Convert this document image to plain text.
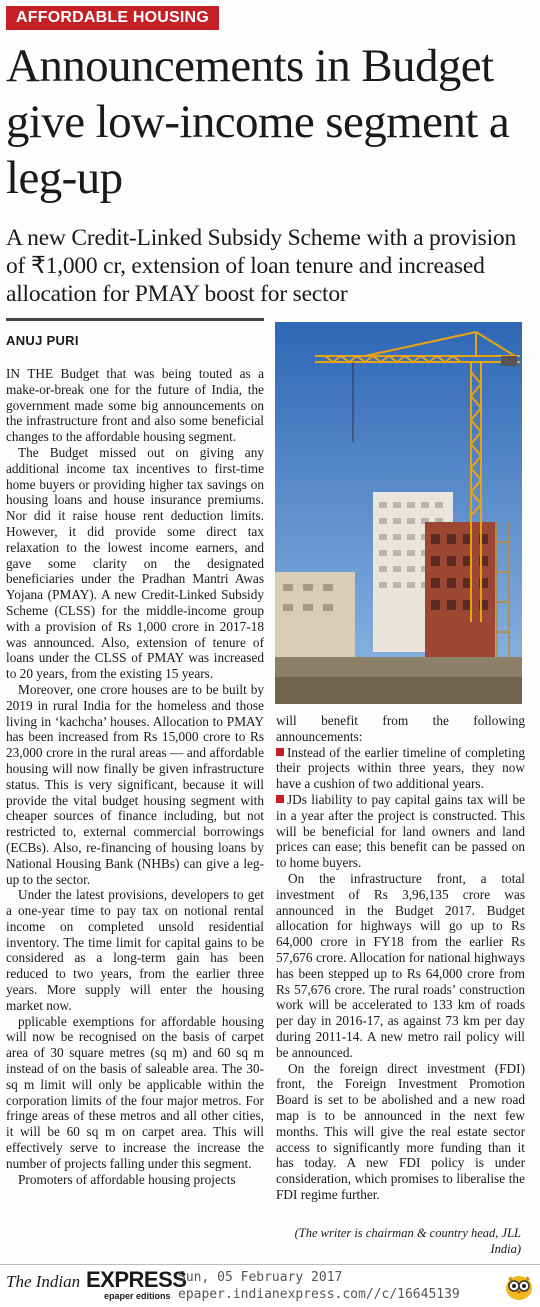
AFFORDABLE HOUSING
Announcements in Budget give low-income segment a leg-up

A new Credit-Linked Subsidy Scheme with a provision of ₹1,000 cr, extension of loan tenure and increased allocation for PMAY boost for sector

ANUJ PURI

IN THE Budget that was being touted as a make-or-break one for the future of India, the government made some big announcements on the infrastructure front and also some beneficial changes to the affordable housing segment.

The Budget missed out on giving any additional income tax incentives to first-time home buyers or providing higher tax savings on housing loans and house insurance premiums. Nor did it raise house rent deduction limits. However, it did provide some direct tax relaxation to the lowest income earners, and gave some clarity on the designated beneficiaries under the Pradhan Mantri Awas Yojana (PMAY). A new Credit-Linked Subsidy Scheme (CLSS) for the middle-income group with a provision of Rs 1,000 crore in 2017-18 was announced. Also, extension of tenure of loans under the CLSS of PMAY was increased to 20 years, from the existing 15 years.

Moreover, one crore houses are to be built by 2019 in rural India for the homeless and those living in ‘kachcha’ houses. Allocation to PMAY has been increased from Rs 15,000 crore to Rs 23,000 crore in the rural areas — and affordable housing will now finally be given infrastructure status. This is very significant, because it will provide the vital budget housing segment with cheaper sources of finance including, but not restricted to, external commercial borrowings (ECBs). Also, re-financing of housing loans by National Housing Bank (NHBs) can give a leg-up to the sector.

Under the latest provisions, developers to get a one-year time to pay tax on notional rental income on completed unsold residential inventory. The time limit for capital gains to be considered as a long-term gain has been reduced to two years, from the earlier three years. More supply will enter the housing market now.

pplicable exemptions for affordable housing will now be recognised on the basis of carpet area of 30 square metres (sq m) and 60 sq m instead of on the basis of saleable area. The 30-sq m limit will only be applicable within the corporation limits of the four major metros. For fringe areas of these metros and all other cities, it will be 60 sq m on carpet area. This will effectively serve to increase the increase the number of projects falling under this segment.

Promoters of affordable housing projects

will benefit from the following announcements:

Instead of the earlier timeline of completing their projects within three years, they now have a cushion of two additional years.

JDs liability to pay capital gains tax will be in a year after the project is constructed. This will be beneficial for land owners and land prices can ease; this benefit can be passed on to home buyers.

On the infrastructure front, a total investment of Rs 3,96,135 crore was announced in the Budget 2017. Budget allocation for highways will go up to Rs 64,000 crore in FY18 from the earlier Rs 57,676 crore. Allocation for national highways has been stepped up to Rs 64,000 crore from Rs 57,676 crore. The rural roads’ construction work will be accelerated to 133 km of roads per day in 2016-17, as against 73 km per day during 2011-14. A new metro rail policy will be announced.

On the foreign direct investment (FDI) front, the Foreign Investment Promotion Board is set to be abolished and a new road map is to be announced in the next few months. This will give the real estate sector access to significantly more funding than it has today. A new FDI policy is under consideration, which promises to liberalise the FDI regime further.

(The writer is chairman & country head, JLL India)
The Indian EXPRESS
epaper editions
Sun, 05 February 2017
epaper.indianexpress.com//c/16645139
